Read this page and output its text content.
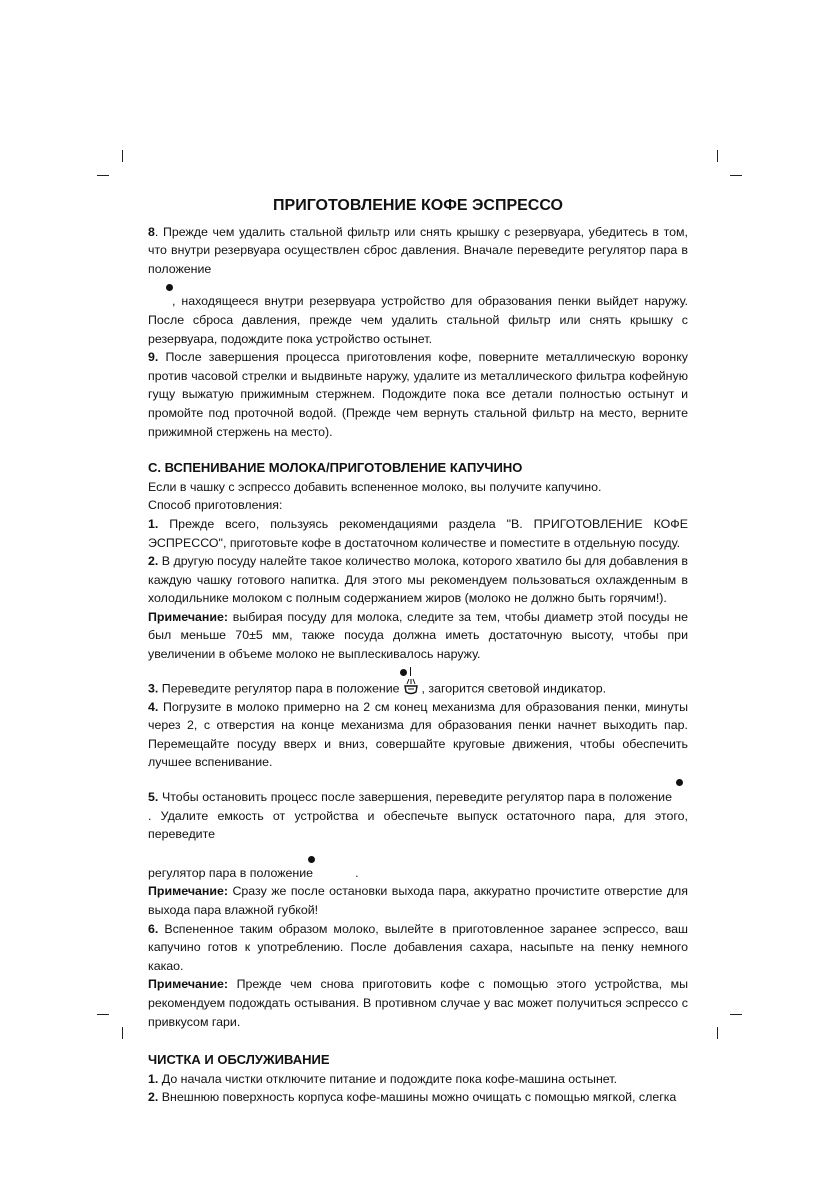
ПРИГОТОВЛЕНИЕ КОФЕ ЭСПРЕССО

8. Прежде чем удалить стальной фильтр или снять крышку с резервуара, убедитесь в том, что внутри резервуара осуществлен сброс давления. Вначале переведите регулятор пара в положение

, находящееся внутри резервуара устройство для образования пенки выйдет наружу. После сброса давления, прежде чем удалить стальной фильтр или снять крышку с резервуара, подождите пока устройство остынет.

9. После завершения процесса приготовления кофе, поверните металлическую воронку против часовой стрелки и выдвиньте наружу, удалите из металлического фильтра кофейную гущу выжатую прижимным стержнем. Подождите пока все детали полностью остынут и промойте под проточной водой. (Прежде чем вернуть стальной фильтр на место, верните прижимной стержень на место).

С. ВСПЕНИВАНИЕ МОЛОКА/ПРИГОТОВЛЕНИЕ КАПУЧИНО

Если в чашку с эспрессо добавить вспененное молоко, вы получите капучино.

Способ приготовления:

1. Прежде всего, пользуясь рекомендациями раздела "В. ПРИГОТОВЛЕНИЕ КОФЕ ЭСПРЕССО", приготовьте кофе в достаточном количестве и поместите в отдельную посуду.

2. В другую посуду налейте такое количество молока, которого хватило бы для добавления в каждую чашку готового напитка. Для этого мы рекомендуем пользоваться охлажденным в холодильнике молоком с полным содержанием жиров (молоко не должно быть горячим!).

Примечание: выбирая посуду для молока, следите за тем, чтобы диаметр этой посуды не был меньше 70±5 мм, также посуда должна иметь достаточную высоту, чтобы при увеличении в объеме молоко не выплескивалось наружу.

3. Переведите регулятор пара в положение , загорится световой индикатор.

4. Погрузите в молоко примерно на 2 см конец механизма для образования пенки, минуты через 2, с отверстия на конце механизма для образования пенки начнет выходить пар. Перемещайте посуду вверх и вниз, совершайте круговые движения, чтобы обеспечить лучшее вспенивание.

5. Чтобы остановить процесс после завершения, переведите регулятор пара в положение. Удалите емкость от устройства и обеспечьте выпуск остаточного пара, для этого, переведите

регулятор пара в положение	.

Примечание: Сразу же после остановки выхода пара, аккуратно прочистите отверстие для выхода пара влажной губкой!

6. Вспененное таким образом молоко, вылейте в приготовленное заранее эспрессо, ваш капучино готов к употреблению. После добавления сахара, насыпьте на пенку немного какао.

Примечание: Прежде чем снова приготовить кофе с помощью этого устройства, мы рекомендуем подождать остывания. В противном случае у вас может получиться эспрессо с привкусом гари.

ЧИСТКА И ОБСЛУЖИВАНИЕ

1. До начала чистки отключите питание и подождите пока кофе-машина остынет.

2. Внешнюю поверхность корпуса кофе-машины можно очищать с помощью мягкой, слегка
